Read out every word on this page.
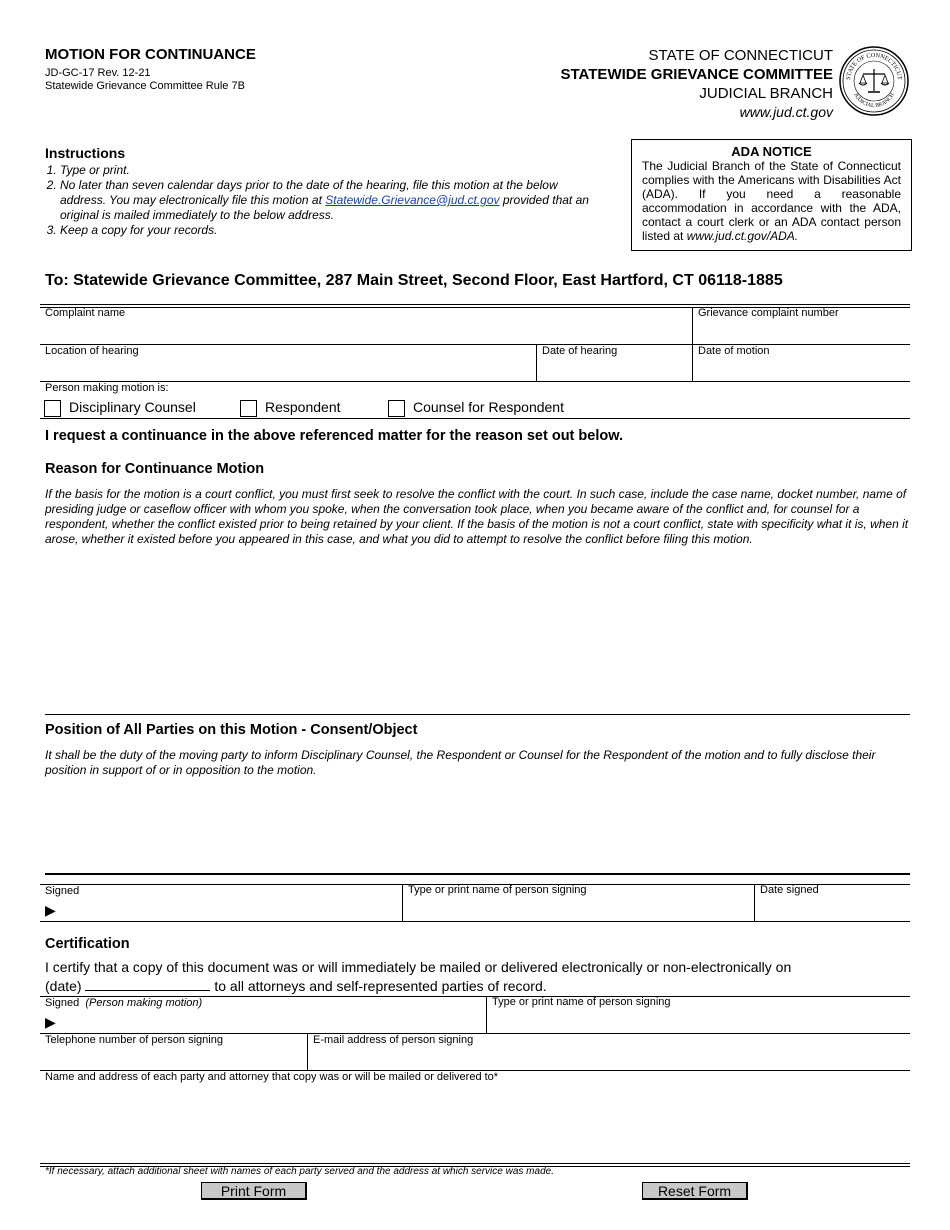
MOTION FOR CONTINUANCE
JD-GC-17 Rev. 12-21
Statewide Grievance Committee Rule 7B
STATE OF CONNECTICUT
STATEWIDE GRIEVANCE COMMITTEE
JUDICIAL BRANCH
www.jud.ct.gov
STATE OF CONNECTICUT
JUDICIAL BRANCH
Instructions
1. Type or print.
2. No later than seven calendar days prior to the date of the hearing, file this motion at the below address. You may electronically file this motion at Statewide.Grievance@jud.ct.gov provided that an original is mailed immediately to the below address.
3. Keep a copy for your records.
ADA NOTICE
The Judicial Branch of the State of Connecticut complies with the Americans with Disabilities Act (ADA). If you need a reasonable accommodation in accordance with the ADA, contact a court clerk or an ADA contact person listed at www.jud.ct.gov/ADA.
To: Statewide Grievance Committee, 287 Main Street, Second Floor, East Hartford, CT 06118-1885
Complaint name	Grievance complaint number
Location of hearing	Date of hearing	Date of motion
Person making motion is:
Disciplinary Counsel	Respondent	Counsel for Respondent
I request a continuance in the above referenced matter for the reason set out below.
Reason for Continuance Motion
If the basis for the motion is a court conflict, you must first seek to resolve the conflict with the court. In such case, include the case name, docket number, name of presiding judge or caseflow officer with whom you spoke, when the conversation took place, when you became aware of the conflict and, for counsel for a respondent, whether the conflict existed prior to being retained by your client. If the basis of the motion is not a court conflict, state with specificity what it is, when it arose, whether it existed before you appeared in this case, and what you did to attempt to resolve the conflict before filing this motion.
Position of All Parties on this Motion - Consent/Object
It shall be the duty of the moving party to inform Disciplinary Counsel, the Respondent or Counsel for the Respondent of the motion and to fully disclose their position in support of or in opposition to the motion.
Signed
▶
Type or print name of person signing	Date signed
Certification
I certify that a copy of this document was or will immediately be mailed or delivered electronically or non-electronically on
(date)	to all attorneys and self-represented parties of record.
Signed (Person making motion)
▶
Type or print name of person signing
Telephone number of person signing	E-mail address of person signing
Name and address of each party and attorney that copy was or will be mailed or delivered to*
*If necessary, attach additional sheet with names of each party served and the address at which service was made.
Print Form	Reset Form
